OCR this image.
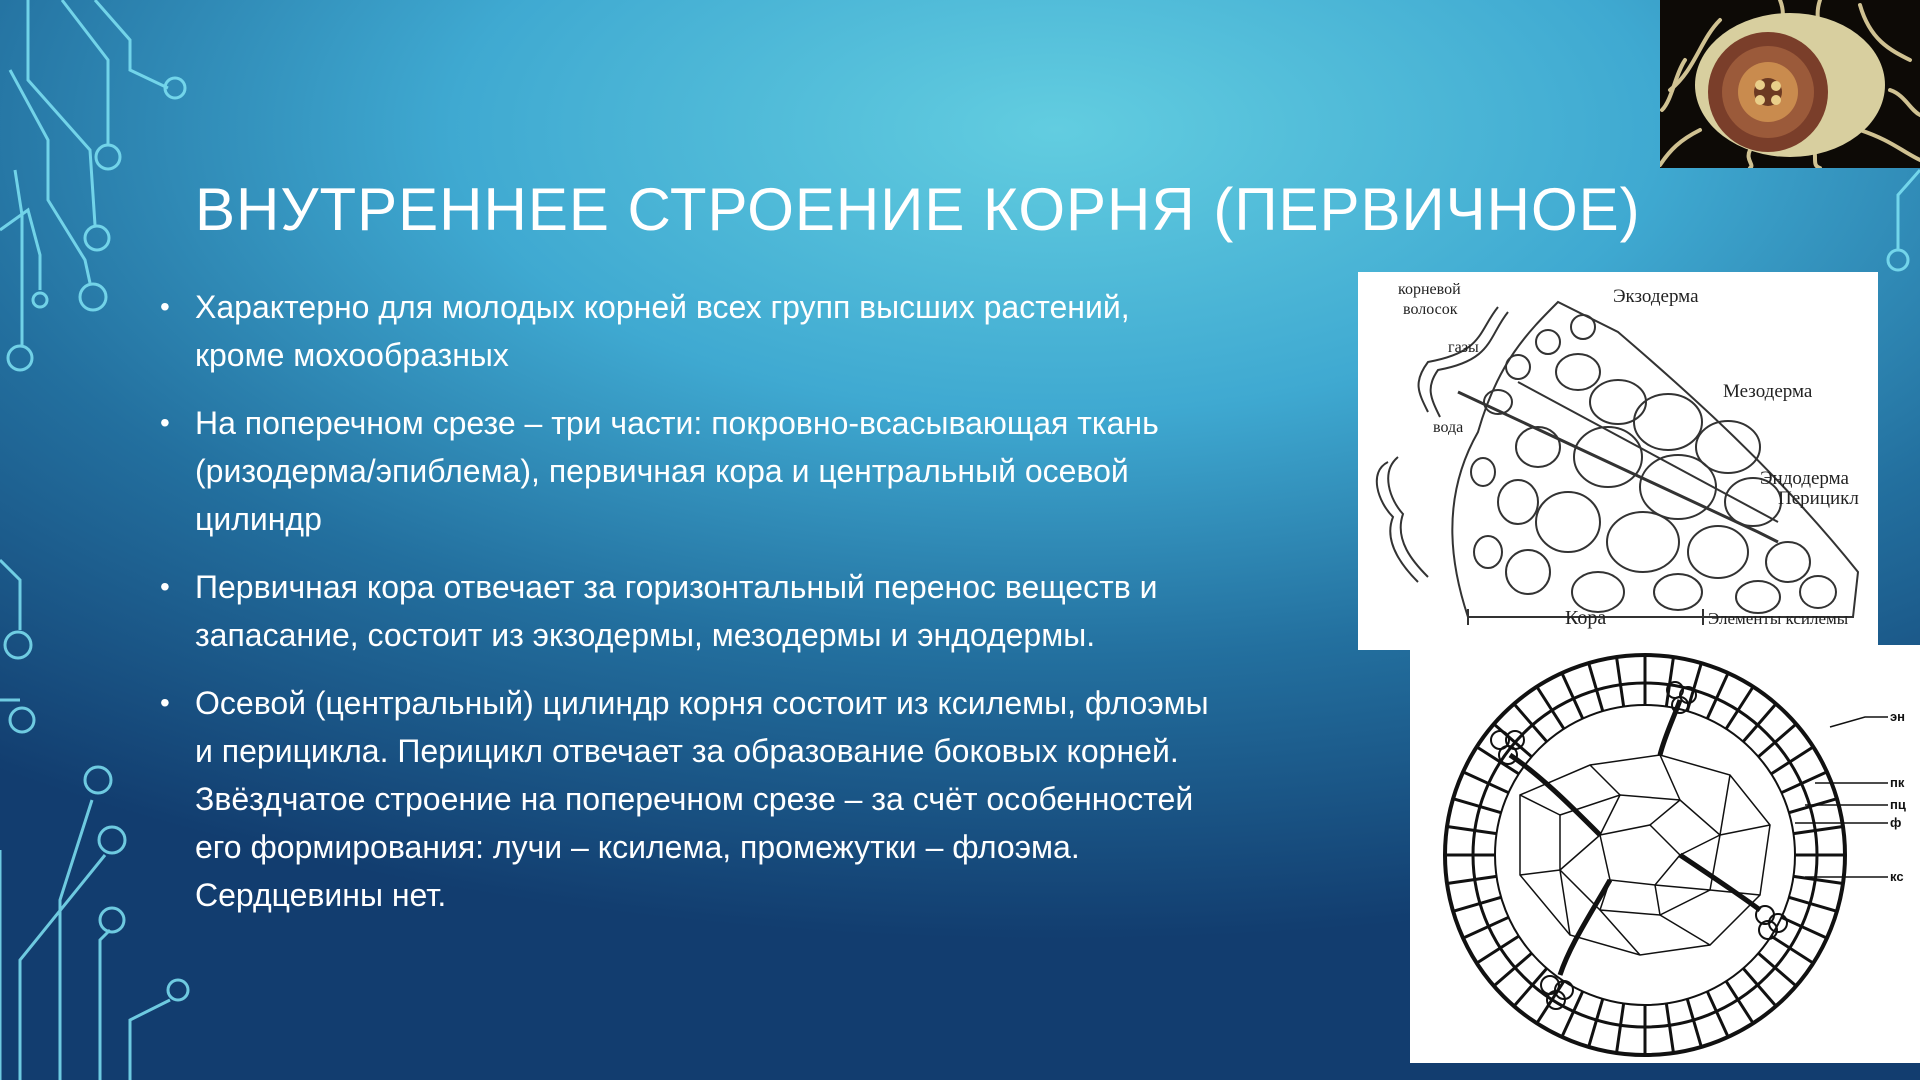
ВНУТРЕННЕЕ СТРОЕНИЕ КОРНЯ (ПЕРВИЧНОЕ)
• Характерно для молодых корней всех групп высших растений, кроме мохообразных
• На поперечном срезе – три части: покровно-всасывающая ткань (ризодерма/эпиблема), первичная кора и центральный осевой цилиндр
• Первичная кора отвечает за горизонтальный перенос веществ и запасание, состоит из экзодермы, мезодермы и эндодермы.
• Осевой (центральный) цилиндр корня состоит из ксилемы, флоэмы и перицикла. Перицикл отвечает за образование боковых корней. Звёздчатое строение на поперечном срезе – за счёт особенностей его формирования: лучи – ксилема, промежутки – флоэма. Сердцевины нет.
корневой
волосок
газы
вода
Экзодерма
Мезодерма
Эндодерма
Перицикл
Кора	Элементы ксилемы
эн
пк
пц
ф
кс
